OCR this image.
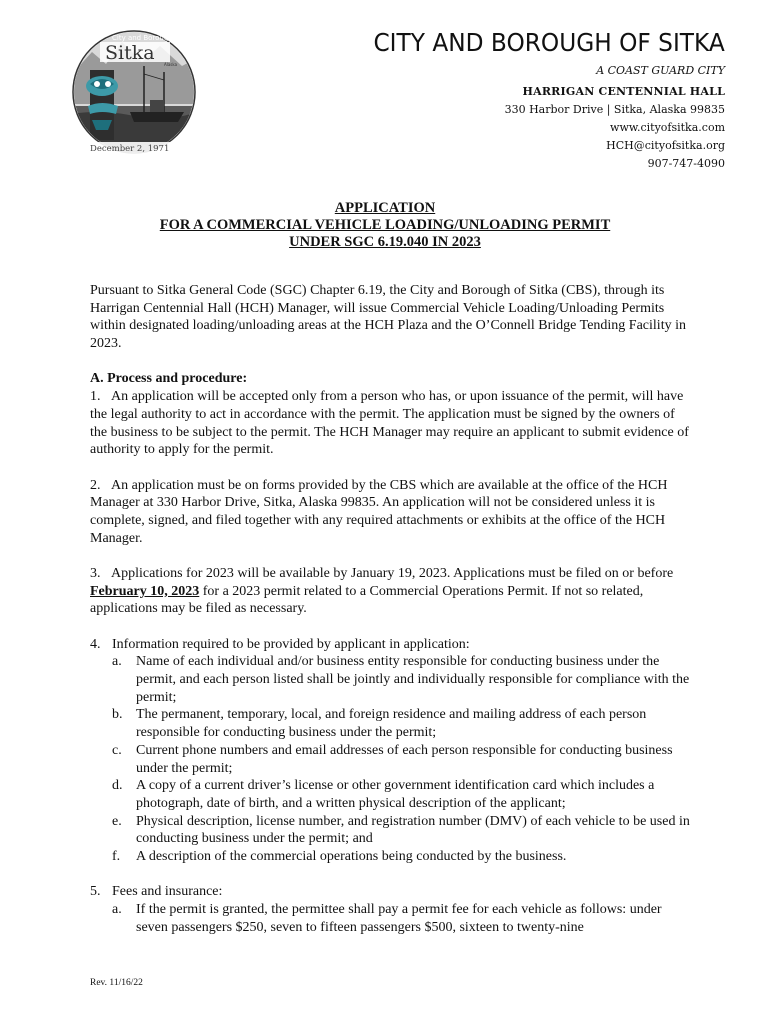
City and Borough of
Sitka
Alaska
December 2, 1971
CITY AND BOROUGH OF SITKA
A COAST GUARD CITY
HARRIGAN CENTENNIAL HALL
330 Harbor Drive | Sitka, Alaska 99835
www.cityofsitka.com
HCH@cityofsitka.org
907-747-4090
APPLICATION
FOR A COMMERCIAL VEHICLE LOADING/UNLOADING PERMIT
UNDER SGC 6.19.040 IN 2023

Pursuant to Sitka General Code (SGC) Chapter 6.19, the City and Borough of Sitka (CBS), through its Harrigan Centennial Hall (HCH) Manager, will issue Commercial Vehicle Loading/Unloading Permits within designated loading/unloading areas at the HCH Plaza and the O’Connell Bridge Tending Facility in 2023.

A. Process and procedure:
1. An application will be accepted only from a person who has, or upon issuance of the permit, will have the legal authority to act in accordance with the permit. The application must be signed by the owners of the business to be subject to the permit. The HCH Manager may require an applicant to submit evidence of authority to apply for the permit.

2. An application must be on forms provided by the CBS which are available at the office of the HCH Manager at 330 Harbor Drive, Sitka, Alaska 99835. An application will not be considered unless it is complete, signed, and filed together with any required attachments or exhibits at the office of the HCH Manager.

3. Applications for 2023 will be available by January 19, 2023. Applications must be filed on or before February 10, 2023 for a 2023 permit related to a Commercial Operations Permit. If not so related, applications may be filed as necessary.

4. Information required to be provided by applicant in application:
a. Name of each individual and/or business entity responsible for conducting business under the permit, and each person listed shall be jointly and individually responsible for compliance with the permit;
b. The permanent, temporary, local, and foreign residence and mailing address of each person responsible for conducting business under the permit;
c. Current phone numbers and email addresses of each person responsible for conducting business under the permit;
d. A copy of a current driver’s license or other government identification card which includes a photograph, date of birth, and a written physical description of the applicant;
e. Physical description, license number, and registration number (DMV) of each vehicle to be used in conducting business under the permit; and
f. A description of the commercial operations being conducted by the business.
5. Fees and insurance:
a. If the permit is granted, the permittee shall pay a permit fee for each vehicle as follows: under seven passengers $250, seven to fifteen passengers $500, sixteen to twenty-nine
Rev. 11/16/22
